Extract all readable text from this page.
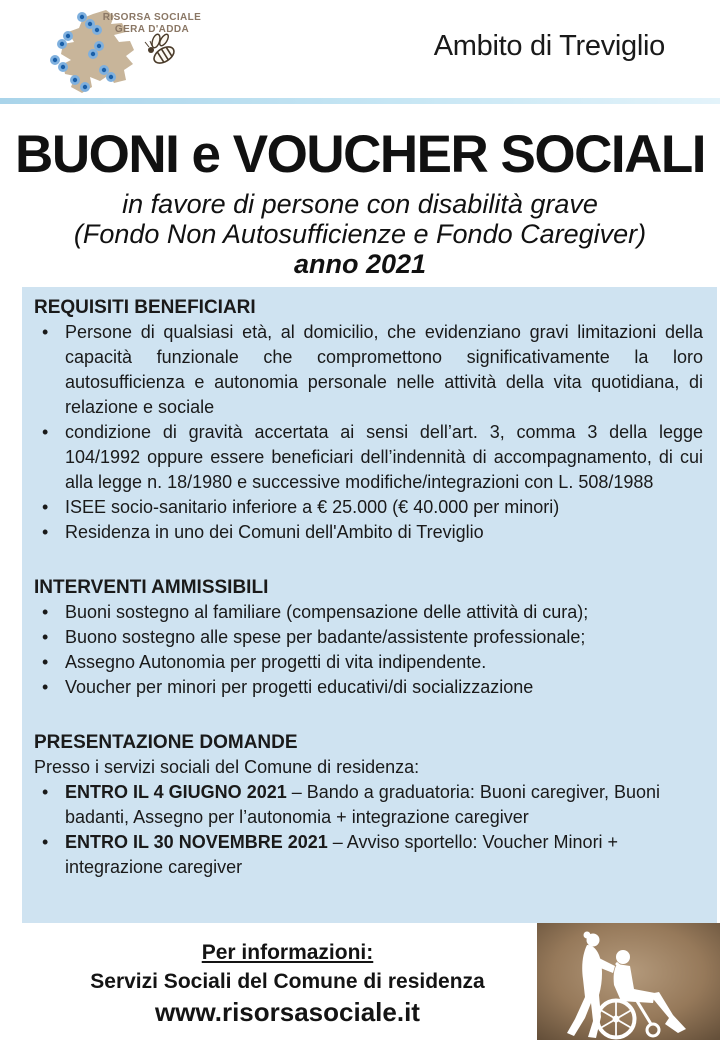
RISORSA SOCIALE
GERA D'ADDA
Ambito di Treviglio
BUONI e VOUCHER SOCIALI
in favore di persone con disabilità grave
(Fondo Non Autosufficienze e Fondo Caregiver)
anno 2021
REQUISITI BENEFICIARI
• Persone di qualsiasi età, al domicilio, che evidenziano gravi limitazioni della capacità funzionale che compromettono significativamente la loro autosufficienza e autonomia personale nelle attività della vita quotidiana, di relazione e sociale
• condizione di gravità accertata ai sensi dell’art. 3, comma 3 della legge 104/1992 oppure essere beneficiari dell’indennità di accompagnamento, di cui alla legge n. 18/1980 e successive modifiche/integrazioni con L. 508/1988
• ISEE socio-sanitario inferiore a € 25.000 (€ 40.000 per minori)
• Residenza in uno dei Comuni dell'Ambito di Treviglio
INTERVENTI AMMISSIBILI
• Buoni sostegno al familiare (compensazione delle attività di cura);
• Buono sostegno alle spese per badante/assistente professionale;
• Assegno Autonomia per progetti di vita indipendente.
• Voucher per minori per progetti educativi/di socializzazione
PRESENTAZIONE DOMANDE
Presso i servizi sociali del Comune di residenza:
• ENTRO IL 4 GIUGNO 2021 – Bando a graduatoria: Buoni caregiver, Buoni badanti, Assegno per l’autonomia + integrazione caregiver
• ENTRO IL 30 NOVEMBRE 2021 – Avviso sportello: Voucher Minori + integrazione caregiver
Per informazioni:
Servizi Sociali del Comune di residenza
www.risorsasociale.it
